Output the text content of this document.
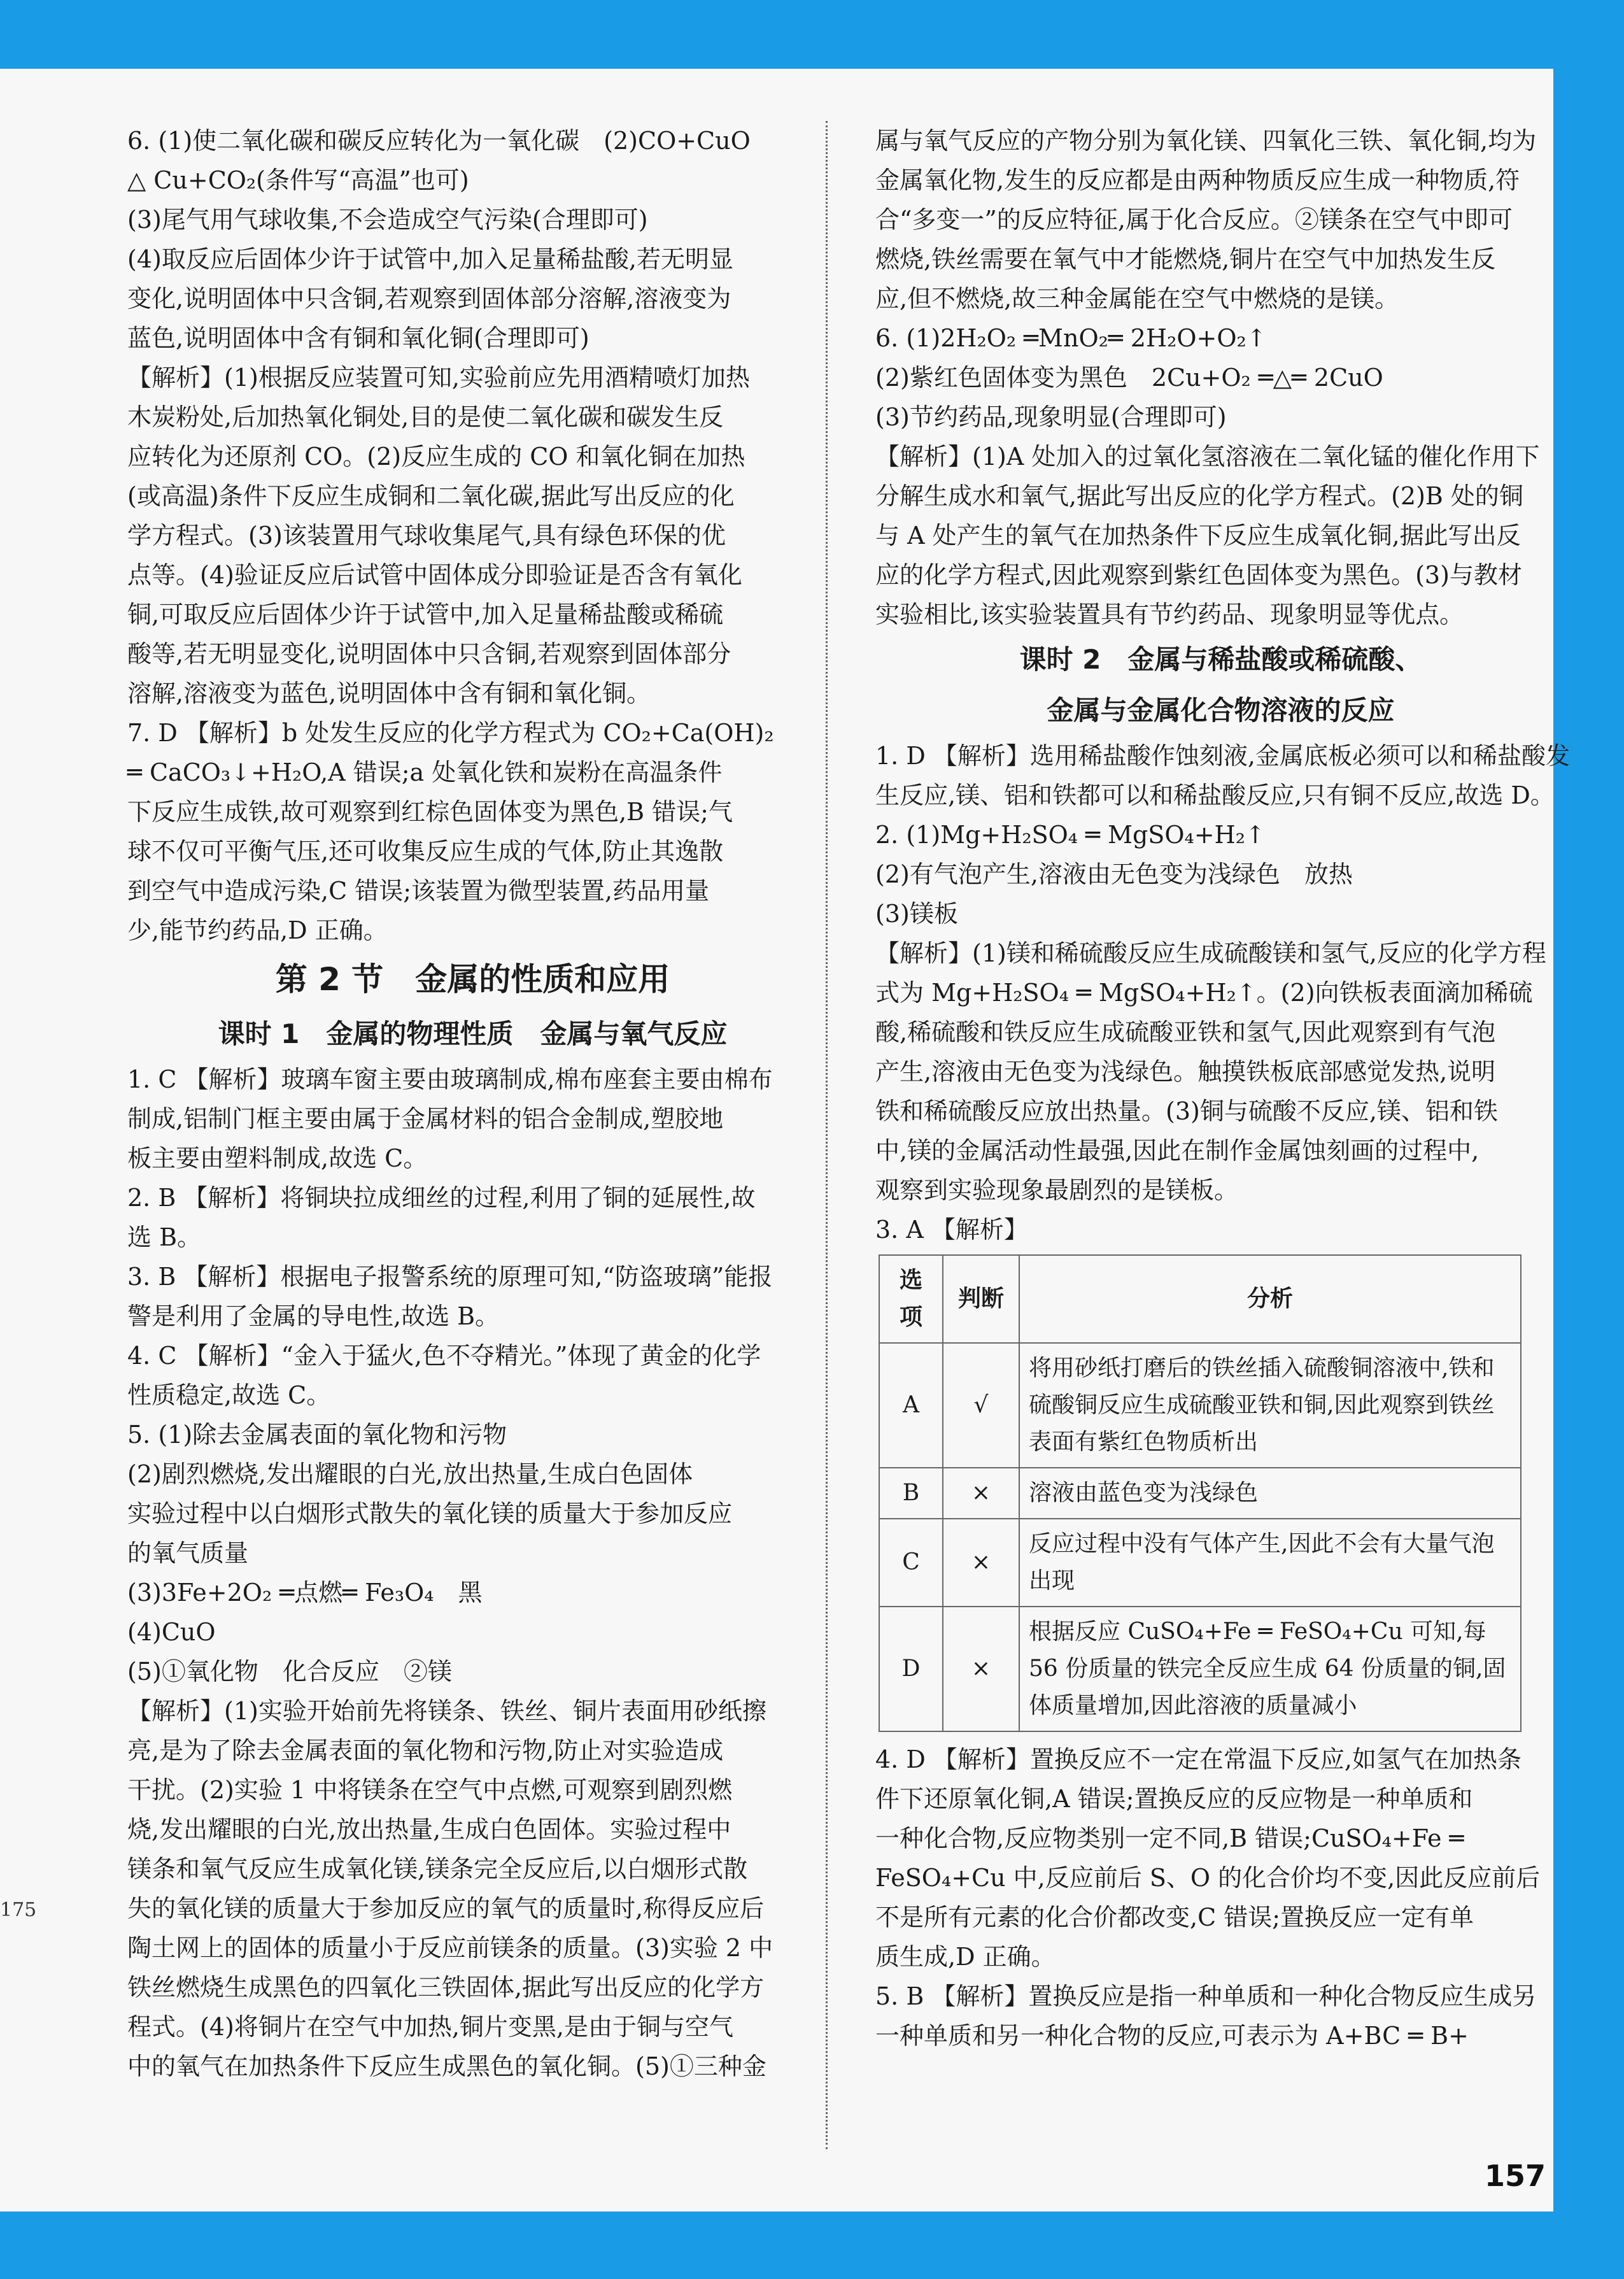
175
6. (1)使二氧化碳和碳反应转化为一氧化碳　(2)CO+CuO
△ Cu+CO₂(条件写“高温”也可)
(3)尾气用气球收集,不会造成空气污染(合理即可)
(4)取反应后固体少许于试管中,加入足量稀盐酸,若无明显
变化,说明固体中只含铜,若观察到固体部分溶解,溶液变为
蓝色,说明固体中含有铜和氧化铜(合理即可)
【解析】(1)根据反应装置可知,实验前应先用酒精喷灯加热
木炭粉处,后加热氧化铜处,目的是使二氧化碳和碳发生反
应转化为还原剂 CO。(2)反应生成的 CO 和氧化铜在加热
(或高温)条件下反应生成铜和二氧化碳,据此写出反应的化
学方程式。(3)该装置用气球收集尾气,具有绿色环保的优
点等。(4)验证反应后试管中固体成分即验证是否含有氧化
铜,可取反应后固体少许于试管中,加入足量稀盐酸或稀硫
酸等,若无明显变化,说明固体中只含铜,若观察到固体部分
溶解,溶液变为蓝色,说明固体中含有铜和氧化铜。
7. D 【解析】b 处发生反应的化学方程式为 CO₂+Ca(OH)₂
═ CaCO₃↓+H₂O,A 错误;a 处氧化铁和炭粉在高温条件
下反应生成铁,故可观察到红棕色固体变为黑色,B 错误;气
球不仅可平衡气压,还可收集反应生成的气体,防止其逸散
到空气中造成污染,C 错误;该装置为微型装置,药品用量
少,能节约药品,D 正确。
第 2 节　金属的性质和应用
课时 1　金属的物理性质　金属与氧气反应
1. C 【解析】玻璃车窗主要由玻璃制成,棉布座套主要由棉布
制成,铝制门框主要由属于金属材料的铝合金制成,塑胶地
板主要由塑料制成,故选 C。
2. B 【解析】将铜块拉成细丝的过程,利用了铜的延展性,故
选 B。
3. B 【解析】根据电子报警系统的原理可知,“防盗玻璃”能报
警是利用了金属的导电性,故选 B。
4. C 【解析】“金入于猛火,色不夺精光。”体现了黄金的化学
性质稳定,故选 C。
5. (1)除去金属表面的氧化物和污物
(2)剧烈燃烧,发出耀眼的白光,放出热量,生成白色固体
实验过程中以白烟形式散失的氧化镁的质量大于参加反应
的氧气质量
(3)3Fe+2O₂ ═点燃═ Fe₃O₄　黑
(4)CuO
(5)①氧化物　化合反应　②镁
【解析】(1)实验开始前先将镁条、铁丝、铜片表面用砂纸擦
亮,是为了除去金属表面的氧化物和污物,防止对实验造成
干扰。(2)实验 1 中将镁条在空气中点燃,可观察到剧烈燃
烧,发出耀眼的白光,放出热量,生成白色固体。实验过程中
镁条和氧气反应生成氧化镁,镁条完全反应后,以白烟形式散
失的氧化镁的质量大于参加反应的氧气的质量时,称得反应后
陶土网上的固体的质量小于反应前镁条的质量。(3)实验 2 中
铁丝燃烧生成黑色的四氧化三铁固体,据此写出反应的化学方
程式。(4)将铜片在空气中加热,铜片变黑,是由于铜与空气
中的氧气在加热条件下反应生成黑色的氧化铜。(5)①三种金
属与氧气反应的产物分别为氧化镁、四氧化三铁、氧化铜,均为
金属氧化物,发生的反应都是由两种物质反应生成一种物质,符
合“多变一”的反应特征,属于化合反应。②镁条在空气中即可
燃烧,铁丝需要在氧气中才能燃烧,铜片在空气中加热发生反
应,但不燃烧,故三种金属能在空气中燃烧的是镁。
6. (1)2H₂O₂ ═MnO₂═ 2H₂O+O₂↑
(2)紫红色固体变为黑色　2Cu+O₂ ═△═ 2CuO
(3)节约药品,现象明显(合理即可)
【解析】(1)A 处加入的过氧化氢溶液在二氧化锰的催化作用下
分解生成水和氧气,据此写出反应的化学方程式。(2)B 处的铜
与 A 处产生的氧气在加热条件下反应生成氧化铜,据此写出反
应的化学方程式,因此观察到紫红色固体变为黑色。(3)与教材
实验相比,该实验装置具有节约药品、现象明显等优点。
课时 2　金属与稀盐酸或稀硫酸、
金属与金属化合物溶液的反应
1. D 【解析】选用稀盐酸作蚀刻液,金属底板必须可以和稀盐酸发
生反应,镁、铝和铁都可以和稀盐酸反应,只有铜不反应,故选 D。
2. (1)Mg+H₂SO₄ ═ MgSO₄+H₂↑
(2)有气泡产生,溶液由无色变为浅绿色　放热
(3)镁板
【解析】(1)镁和稀硫酸反应生成硫酸镁和氢气,反应的化学方程
式为 Mg+H₂SO₄ ═ MgSO₄+H₂↑。(2)向铁板表面滴加稀硫
酸,稀硫酸和铁反应生成硫酸亚铁和氢气,因此观察到有气泡
产生,溶液由无色变为浅绿色。触摸铁板底部感觉发热,说明
铁和稀硫酸反应放出热量。(3)铜与硫酸不反应,镁、铝和铁
中,镁的金属活动性最强,因此在制作金属蚀刻画的过程中,
观察到实验现象最剧烈的是镁板。
3. A 【解析】
选项	判断	分析
A	√	将用砂纸打磨后的铁丝插入硫酸铜溶液中,铁和硫酸铜反应生成硫酸亚铁和铜,因此观察到铁丝表面有紫红色物质析出
B	×	溶液由蓝色变为浅绿色
C	×	反应过程中没有气体产生,因此不会有大量气泡出现
D	×	根据反应 CuSO₄+Fe ═ FeSO₄+Cu 可知,每 56 份质量的铁完全反应生成 64 份质量的铜,固体质量增加,因此溶液的质量减小
4. D 【解析】置换反应不一定在常温下反应,如氢气在加热条
件下还原氧化铜,A 错误;置换反应的反应物是一种单质和
一种化合物,反应物类别一定不同,B 错误;CuSO₄+Fe ═
FeSO₄+Cu 中,反应前后 S、O 的化合价均不变,因此反应前后
不是所有元素的化合价都改变,C 错误;置换反应一定有单
质生成,D 正确。
5. B 【解析】置换反应是指一种单质和一种化合物反应生成另
一种单质和另一种化合物的反应,可表示为 A+BC ═ B+
157
